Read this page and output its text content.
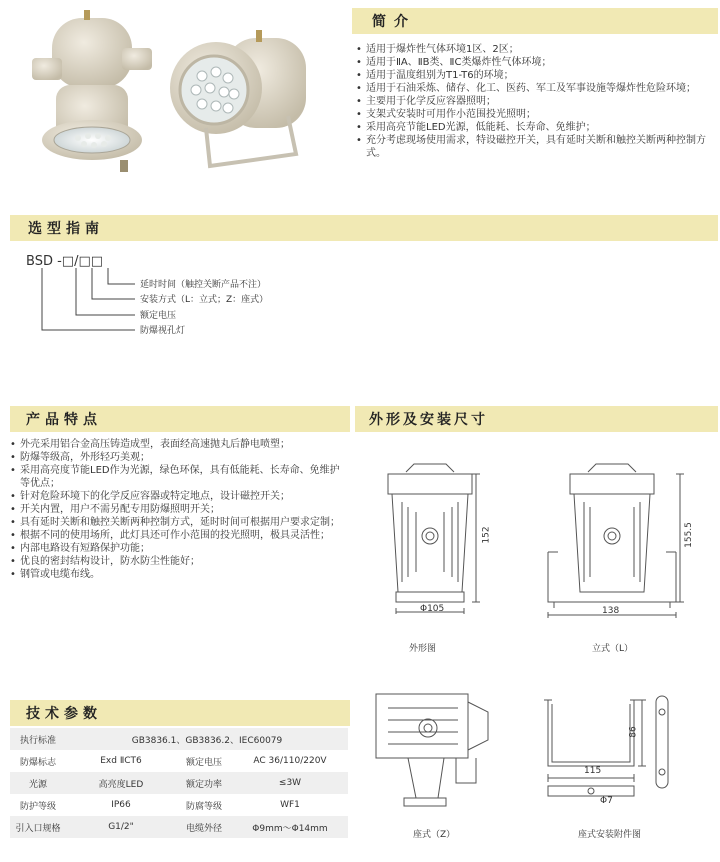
简介
• 适用于爆炸性气体环境1区、2区；
• 适用于ⅡA、ⅡB类、ⅡC类爆炸性气体环境；
• 适用于温度组别为T1-T6的环境；
• 适用于石油采炼、储存、化工、医药、军工及军事设施等爆炸性危险环境；
• 主要用于化学反应容器照明；
• 支架式安装时可用作小范围投光照明；
• 采用高亮节能LED光源，低能耗、长寿命、免维护；
• 充分考虑现场使用需求，特设磁控开关，具有延时关断和触控关断两种控制方式。
选型指南
BSD -□/□□
延时时间（触控关断产品不注）
安装方式（L：立式；Z：座式）
额定电压
防爆视孔灯
产品特点
• 外壳采用铝合金高压铸造成型，表面经高速抛丸后静电喷塑；
• 防爆等级高，外形轻巧美观；
• 采用高亮度节能LED作为光源，绿色环保，具有低能耗、长寿命、免维护等优点；
• 针对危险环境下的化学反应容器或特定地点，设计磁控开关；
• 开关内置，用户不需另配专用防爆照明开关；
• 具有延时关断和触控关断两种控制方式，延时时间可根据用户要求定制；
• 根据不同的使用场所，此灯具还可作小范围的投光照明，极具灵活性；
• 内部电路设有短路保护功能；
• 优良的密封结构设计，防水防尘性能好；
• 钢管或电缆布线。
外形及安装尺寸
152
Φ105
外形图
155.5
138
立式（L）
座式（Z）
86
115
Φ7
座式安装附件图
技术参数
执行标准	GB3836.1、GB3836.2、IEC60079		
防爆标志	Exd ⅡCT6	额定电压	AC 36/110/220V
光源	高亮度LED	额定功率	≤3W
防护等级	IP66	防腐等级	WF1
引入口规格	G1/2"	电缆外径	Φ9mm～Φ14mm
